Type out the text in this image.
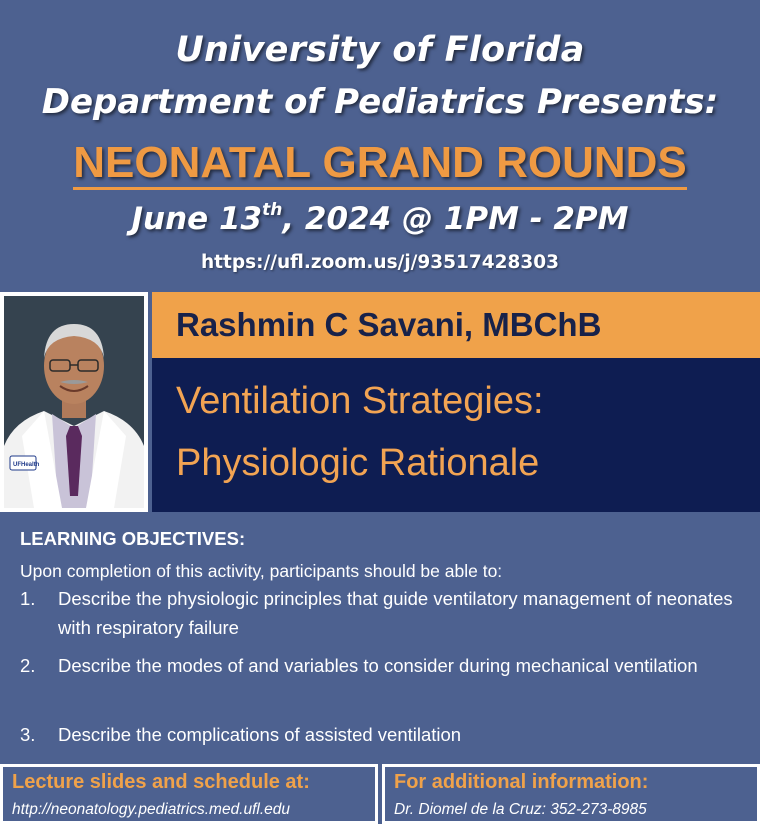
University of Florida
Department of Pediatrics Presents:
NEONATAL GRAND ROUNDS
June 13th, 2024 @ 1PM - 2PM
https://ufl.zoom.us/j/93517428303
UFHealth
Rashmin C Savani, MBChB
Ventilation Strategies:
Physiologic Rationale
LEARNING OBJECTIVES:
Upon completion of this activity, participants should be able to:
1.	Describe the physiologic principles that guide ventilatory management of neonates with respiratory failure
2.	Describe the modes of and variables to consider during mechanical ventilation
3.	Describe the complications of assisted ventilation
Lecture slides and schedule at:
http://neonatology.pediatrics.med.ufl.edu
For additional information:
Dr. Diomel de la Cruz: 352-273-8985
